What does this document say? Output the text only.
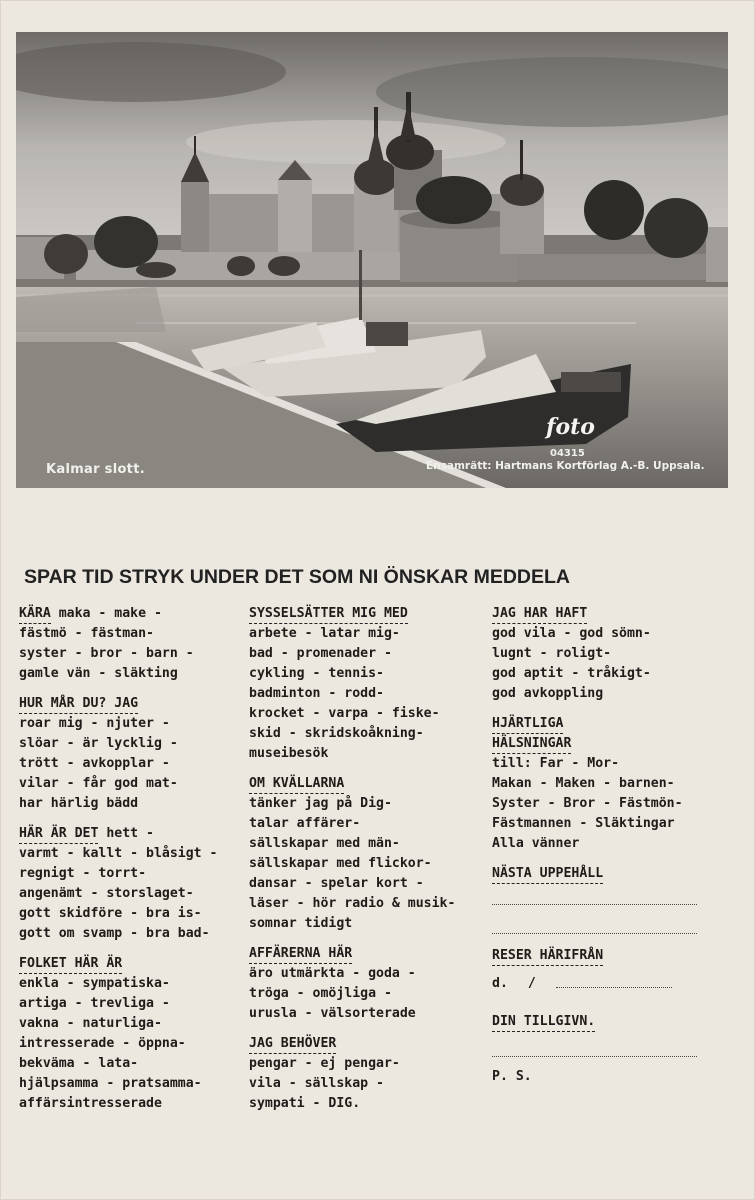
Kalmar slott.
foto
04315
Ensamrätt: Hartmans Kortförlag A.-B. Uppsala.
SPAR TID STRYK UNDER DET SOM NI ÖNSKAR MEDDELA
KÄRA maka - make -
fästmö - fästman-
syster - bror - barn -
gamle vän - släkting
HUR MÅR DU? JAG
roar mig - njuter -
slöar - är lycklig -
trött - avkopplar -
vilar - får god mat-
har härlig bädd
HÄR ÄR DET hett -
varmt - kallt - blåsigt -
regnigt - torrt-
angenämt - storslaget-
gott skidföre - bra is-
gott om svamp - bra bad-
FOLKET HÄR ÄR
enkla - sympatiska-
artiga - trevliga -
vakna - naturliga-
intresserade - öppna-
bekväma - lata-
hjälpsamma - pratsamma-
affärsintresserade
SYSSELSÄTTER MIG MED
arbete - latar mig-
bad - promenader -
cykling - tennis-
badminton - rodd-
krocket - varpa - fiske-
skid - skridskoåkning-
museibesök
OM KVÄLLARNA
tänker jag på Dig-
talar affärer-
sällskapar med män-
sällskapar med flickor-
dansar - spelar kort -
läser - hör radio & musik-
somnar tidigt
AFFÄRERNA HÄR
äro utmärkta - goda -
tröga - omöjliga -
urusla - välsorterade
JAG BEHÖVER
pengar - ej pengar-
vila - sällskap -
sympati - DIG.
JAG HAR HAFT
god vila - god sömn-
lugnt - roligt-
god aptit - tråkigt-
god avkoppling
HJÄRTLIGA
HÄLSNINGAR
till: Far - Mor-
Makan - Maken - barnen-
Syster - Bror - Fästmön-
Fästmannen - Släktingar
Alla vänner
NÄSTA UPPEHÅLL
RESER HÄRIFRÅN
d. /
DIN TILLGIVN.
P. S.
